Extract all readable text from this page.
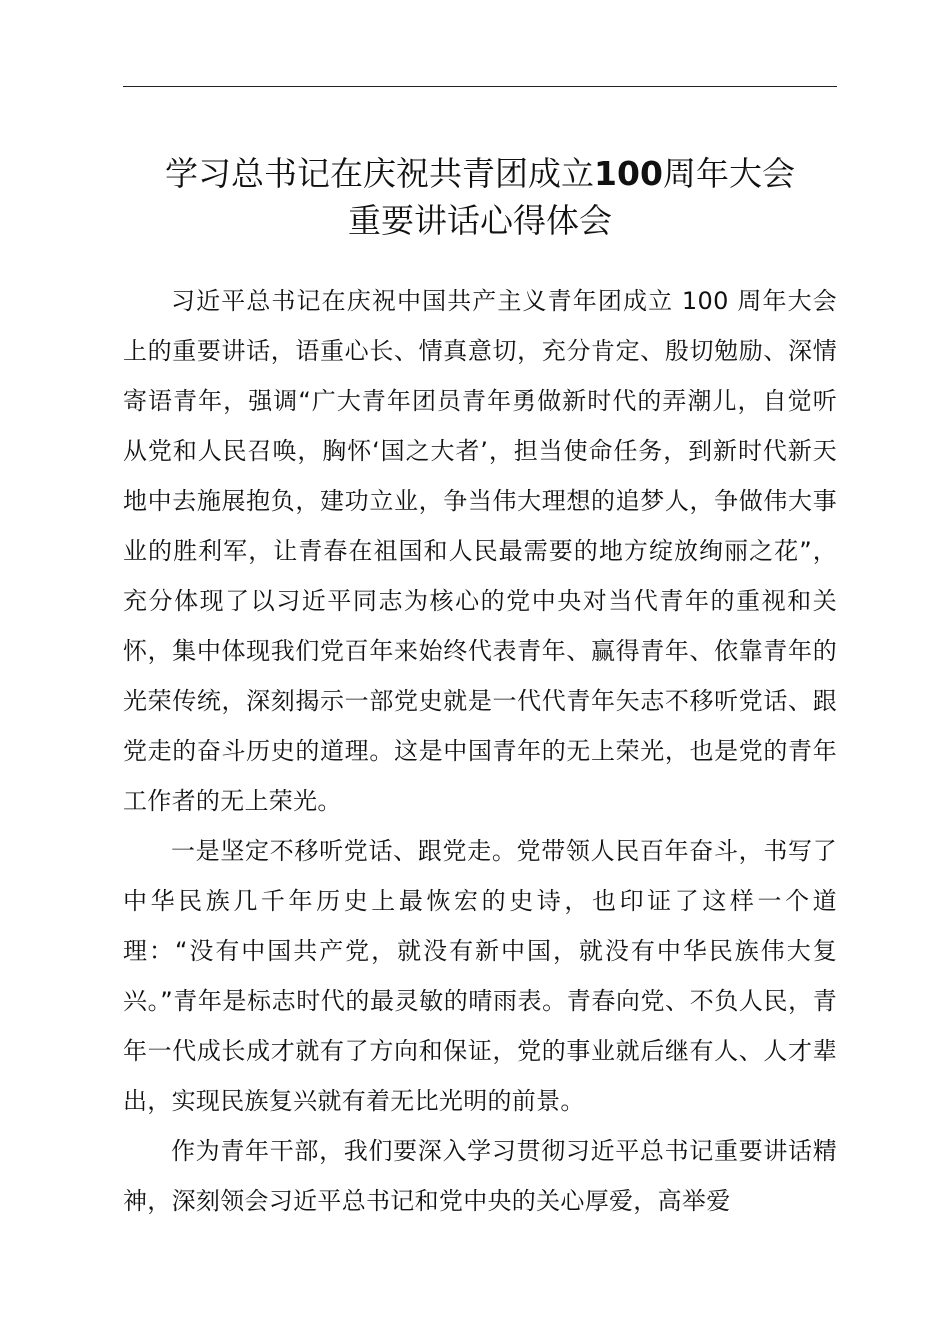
学习总书记在庆祝共青团成立100周年大会
重要讲话心得体会

习近平总书记在庆祝中国共产主义青年团成立 100 周年大会上的重要讲话，语重心长、情真意切，充分肯定、殷切勉励、深情寄语青年，强调“广大青年团员青年勇做新时代的弄潮儿，自觉听从党和人民召唤，胸怀‘国之大者’，担当使命任务，到新时代新天地中去施展抱负，建功立业，争当伟大理想的追梦人，争做伟大事业的胜利军，让青春在祖国和人民最需要的地方绽放绚丽之花”，充分体现了以习近平同志为核心的党中央对当代青年的重视和关怀，集中体现我们党百年来始终代表青年、赢得青年、依靠青年的光荣传统，深刻揭示一部党史就是一代代青年矢志不移听党话、跟党走的奋斗历史的道理。这是中国青年的无上荣光，也是党的青年工作者的无上荣光。

一是坚定不移听党话、跟党走。党带领人民百年奋斗，书写了中华民族几千年历史上最恢宏的史诗，也印证了这样一个道理：“没有中国共产党，就没有新中国，就没有中华民族伟大复兴。”青年是标志时代的最灵敏的晴雨表。青春向党、不负人民，青年一代成长成才就有了方向和保证，党的事业就后继有人、人才辈出，实现民族复兴就有着无比光明的前景。

作为青年干部，我们要深入学习贯彻习近平总书记重要讲话精神，深刻领会习近平总书记和党中央的关心厚爱，高举爱
